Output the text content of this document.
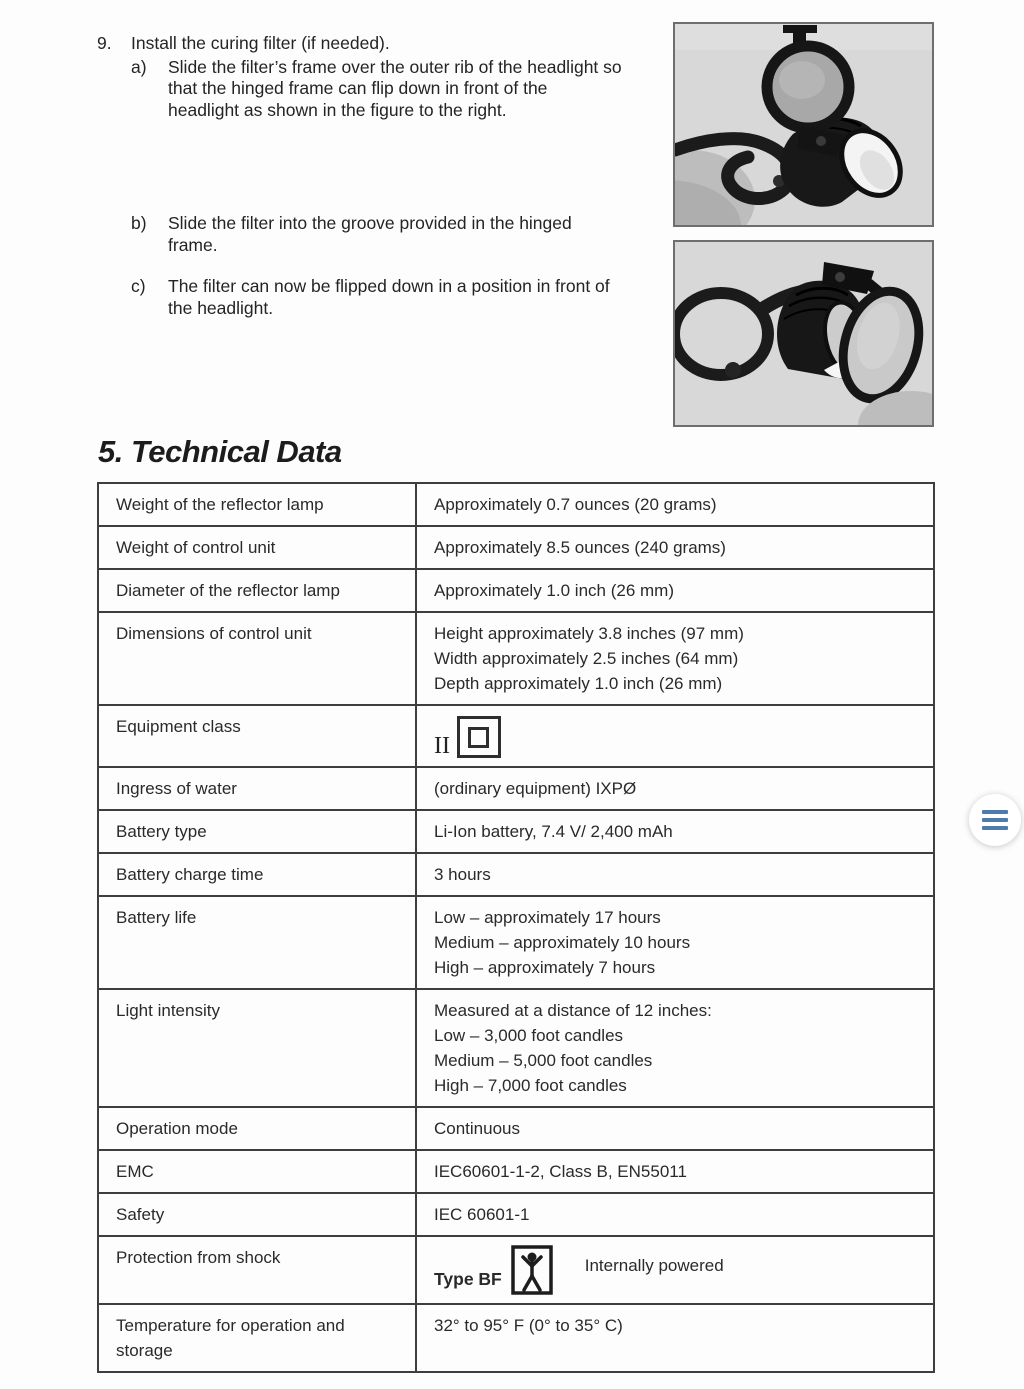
9.	Install the curing filter (if needed).
a)	Slide the filter’s frame over the outer rib of the headlight so that the hinged frame can flip down in front of the headlight as shown in the figure to the right.
b)	Slide the filter into the groove provided in the hinged frame.
c)	The filter can now be flipped down in a position in front of the headlight.
5. Technical Data
Weight of the reflector lamp	Approximately 0.7 ounces (20 grams)

Weight of control unit	Approximately 8.5 ounces (240 grams)

Diameter of the reflector lamp	Approximately 1.0 inch (26 mm)

Dimensions of control unit	Height approximately 3.8 inches (97 mm)
Width approximately 2.5 inches (64 mm)
Depth approximately 1.0 inch (26 mm)

Equipment class	II

Ingress of water	(ordinary equipment) IXPØ

Battery type	Li-Ion battery, 7.4 V/ 2,400 mAh

Battery charge time	3 hours

Battery life	Low – approximately 17 hours
Medium – approximately 10 hours
High – approximately 7 hours

Light intensity	Measured at a distance of 12 inches:
Low – 3,000 foot candles
Medium – 5,000 foot candles
High – 7,000 foot candles

Operation mode	Continuous

EMC	IEC60601-1-2, Class B, EN55011

Safety	IEC 60601-1

Protection from shock	Type BF
Internally powered

Temperature for operation and storage	32° to 95° F (0° to 35° C)
